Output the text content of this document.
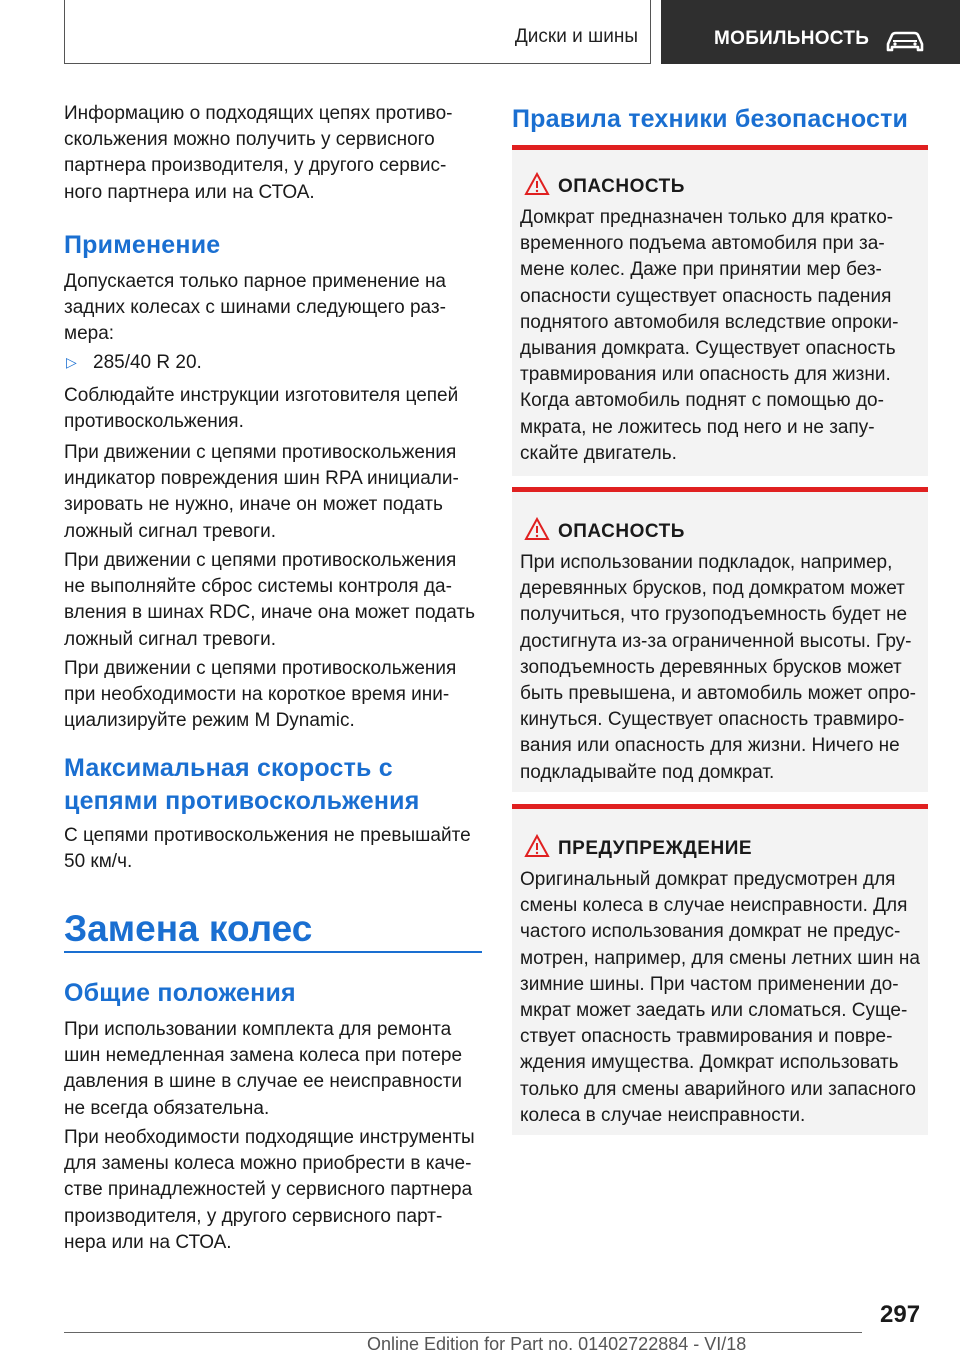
Диски и шины	МОБИЛЬНОСТЬ
Информацию о подходящих цепях противо-
скольжения можно получить у сервисного
партнера производителя, у другого сервис-
ного партнера или на СТОА.
Применение
Допускается только парное применение на
задних колесах с шинами следующего раз-
мера:
▷ 285/40 R 20.
Соблюдайте инструкции изготовителя цепей
противоскольжения.
При движении с цепями противоскольжения
индикатор повреждения шин RPA инициали-
зировать не нужно, иначе он может подать
ложный сигнал тревоги.
При движении с цепями противоскольжения
не выполняйте сброс системы контроля да-
вления в шинах RDC, иначе она может подать
ложный сигнал тревоги.
При движении с цепями противоскольжения
при необходимости на короткое время ини-
циализируйте режим M Dynamic.
Максимальная скорость с
цепями противоскольжения
С цепями противоскольжения не превышайте
50 км/ч.
Замена колес
Общие положения
При использовании комплекта для ремонта
шин немедленная замена колеса при потере
давления в шине в случае ее неисправности
не всегда обязательна.
При необходимости подходящие инструменты
для замены колеса можно приобрести в каче-
стве принадлежностей у сервисного партнера
производителя, у другого сервисного парт-
нера или на СТОА.
Правила техники безопасности
ОПАСНОСТЬ
Домкрат предназначен только для кратко-
временного подъема автомобиля при за-
мене колес. Даже при принятии мер без-
опасности существует опасность падения
поднятого автомобиля вследствие опроки-
дывания домкрата. Существует опасность
травмирования или опасность для жизни.
Когда автомобиль поднят с помощью до-
мкрата, не ложитесь под него и не запу-
скайте двигатель.
ОПАСНОСТЬ
При использовании подкладок, например,
деревянных брусков, под домкратом может
получиться, что грузоподъемность будет не
достигнута из-за ограниченной высоты. Гру-
зоподъемность деревянных брусков может
быть превышена, и автомобиль может опро-
кинуться. Существует опасность травмиро-
вания или опасность для жизни. Ничего не
подкладывайте под домкрат.
ПРЕДУПРЕЖДЕНИЕ
Оригинальный домкрат предусмотрен для
смены колеса в случае неисправности. Для
частого использования домкрат не предус-
мотрен, например, для смены летних шин на
зимние шины. При частом применении до-
мкрат может заедать или сломаться. Суще-
ствует опасность травмирования и повре-
ждения имущества. Домкрат использовать
только для смены аварийного или запасного
колеса в случае неисправности.
297
Online Edition for Part no. 01402722884 - VI/18
